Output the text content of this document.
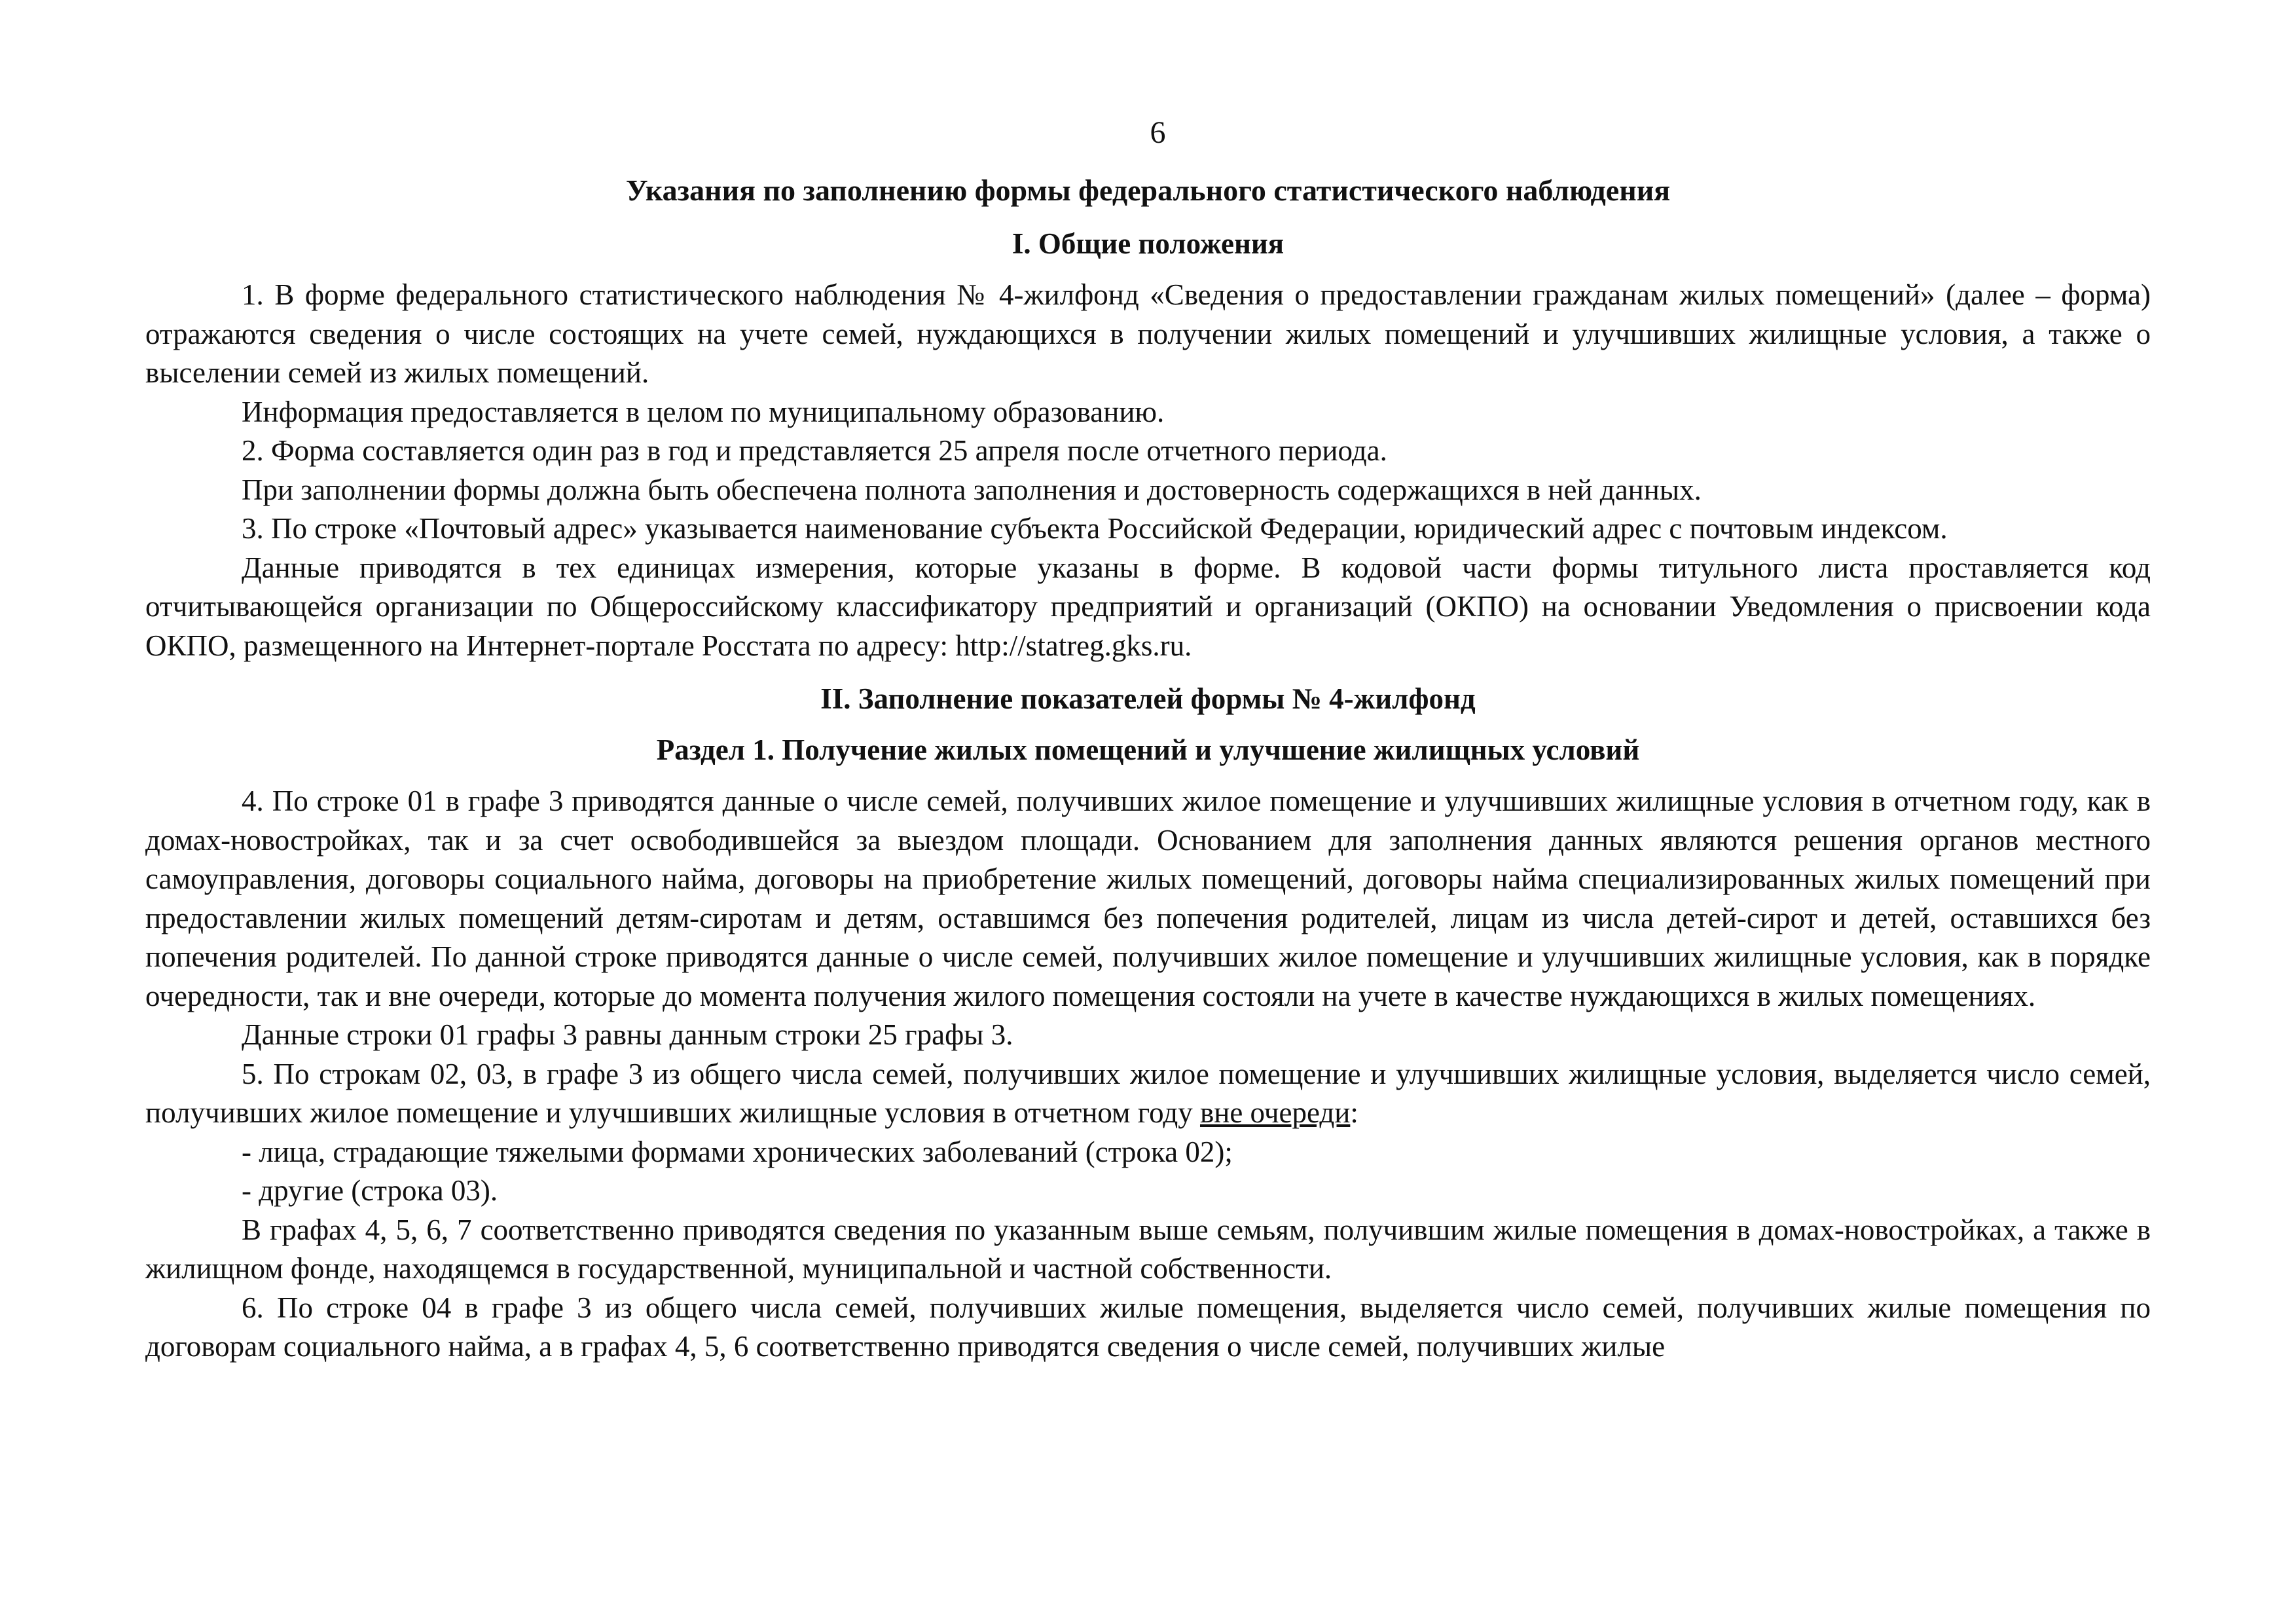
6
Указания по заполнению формы федерального статистического наблюдения
I. Общие положения

1. В форме федерального статистического наблюдения № 4-жилфонд «Сведения о предоставлении гражданам жилых помещений» (далее – форма) отражаются сведения о числе состоящих на учете семей, нуждающихся в получении жилых помещений и улучшивших жилищные условия, а также о выселении семей из жилых помещений.

Информация предоставляется в целом по муниципальному образованию.

2. Форма составляется один раз в год и представляется 25 апреля после отчетного периода.

При заполнении формы должна быть обеспечена полнота заполнения и достоверность содержащихся в ней данных.

3. По строке «Почтовый адрес» указывается наименование субъекта Российской Федерации, юридический адрес с почтовым индексом.

Данные приводятся в тех единицах измерения, которые указаны в форме. В кодовой части формы титульного листа проставляется код отчитывающейся организации по Общероссийскому классификатору предприятий и организаций (ОКПО) на основании Уведомления о присвоении кода ОКПО, размещенного на Интернет-портале Росстата по адресу: http://statreg.gks.ru.

II. Заполнение показателей формы № 4-жилфонд
Раздел 1. Получение жилых помещений и улучшение жилищных условий

4. По строке 01 в графе 3 приводятся данные о числе семей, получивших жилое помещение и улучшивших жилищные условия в отчетном году, как в домах-новостройках, так и за счет освободившейся за выездом площади. Основанием для заполнения данных являются решения органов местного самоуправления, договоры социального найма, договоры на приобретение жилых помещений, договоры найма специализированных жилых помещений при предоставлении жилых помещений детям-сиротам и детям, оставшимся без попечения родителей, лицам из числа детей-сирот и детей, оставшихся без попечения родителей. По данной строке приводятся данные о числе семей, получивших жилое помещение и улучшивших жилищные условия, как в порядке очередности, так и вне очереди, которые до момента получения жилого помещения состояли на учете в качестве нуждающихся в жилых помещениях.

Данные строки 01 графы 3 равны данным строки 25 графы 3.

5. По строкам 02, 03, в графе 3 из общего числа семей, получивших жилое помещение и улучшивших жилищные условия, выделяется число семей, получивших жилое помещение и улучшивших жилищные условия в отчетном году вне очереди:

- лица, страдающие тяжелыми формами хронических заболеваний (строка 02);

- другие (строка 03).

В графах 4, 5, 6, 7 соответственно приводятся сведения по указанным выше семьям, получившим жилые помещения в домах-новостройках, а также в жилищном фонде, находящемся в государственной, муниципальной и частной собственности.

6. По строке 04 в графе 3 из общего числа семей, получивших жилые помещения, выделяется число семей, получивших жилые помещения по договорам социального найма, а в графах 4, 5, 6 соответственно приводятся сведения о числе семей, получивших жилые
